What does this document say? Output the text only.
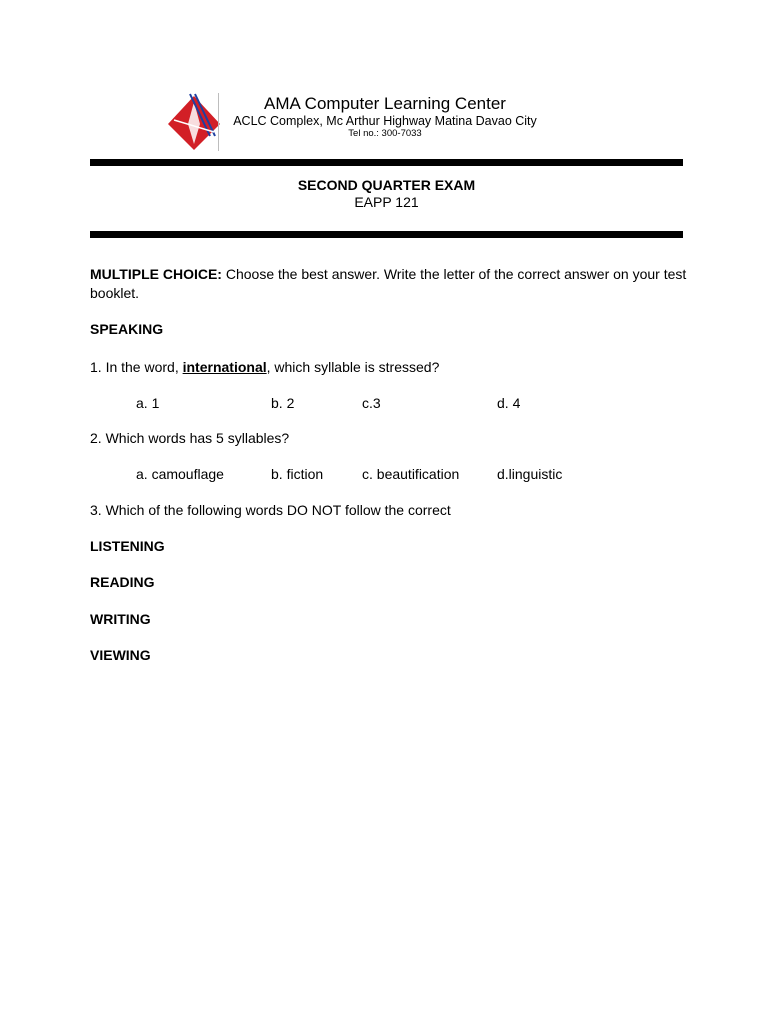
AMA Computer Learning Center
ACLC Complex, Mc Arthur Highway Matina Davao City
Tel no.: 300-7033
SECOND QUARTER EXAM
EAPP 121
MULTIPLE CHOICE: Choose the best answer. Write the letter of the correct answer on your test booklet.
SPEAKING
1. In the word, international, which syllable is stressed?
a. 1	b. 2	c.3	d. 4
2. Which words has 5 syllables?
a. camouflage	b. fiction	c. beautification	d.linguistic
3. Which of the following words DO NOT follow the correct
LISTENING
READING
WRITING
VIEWING
